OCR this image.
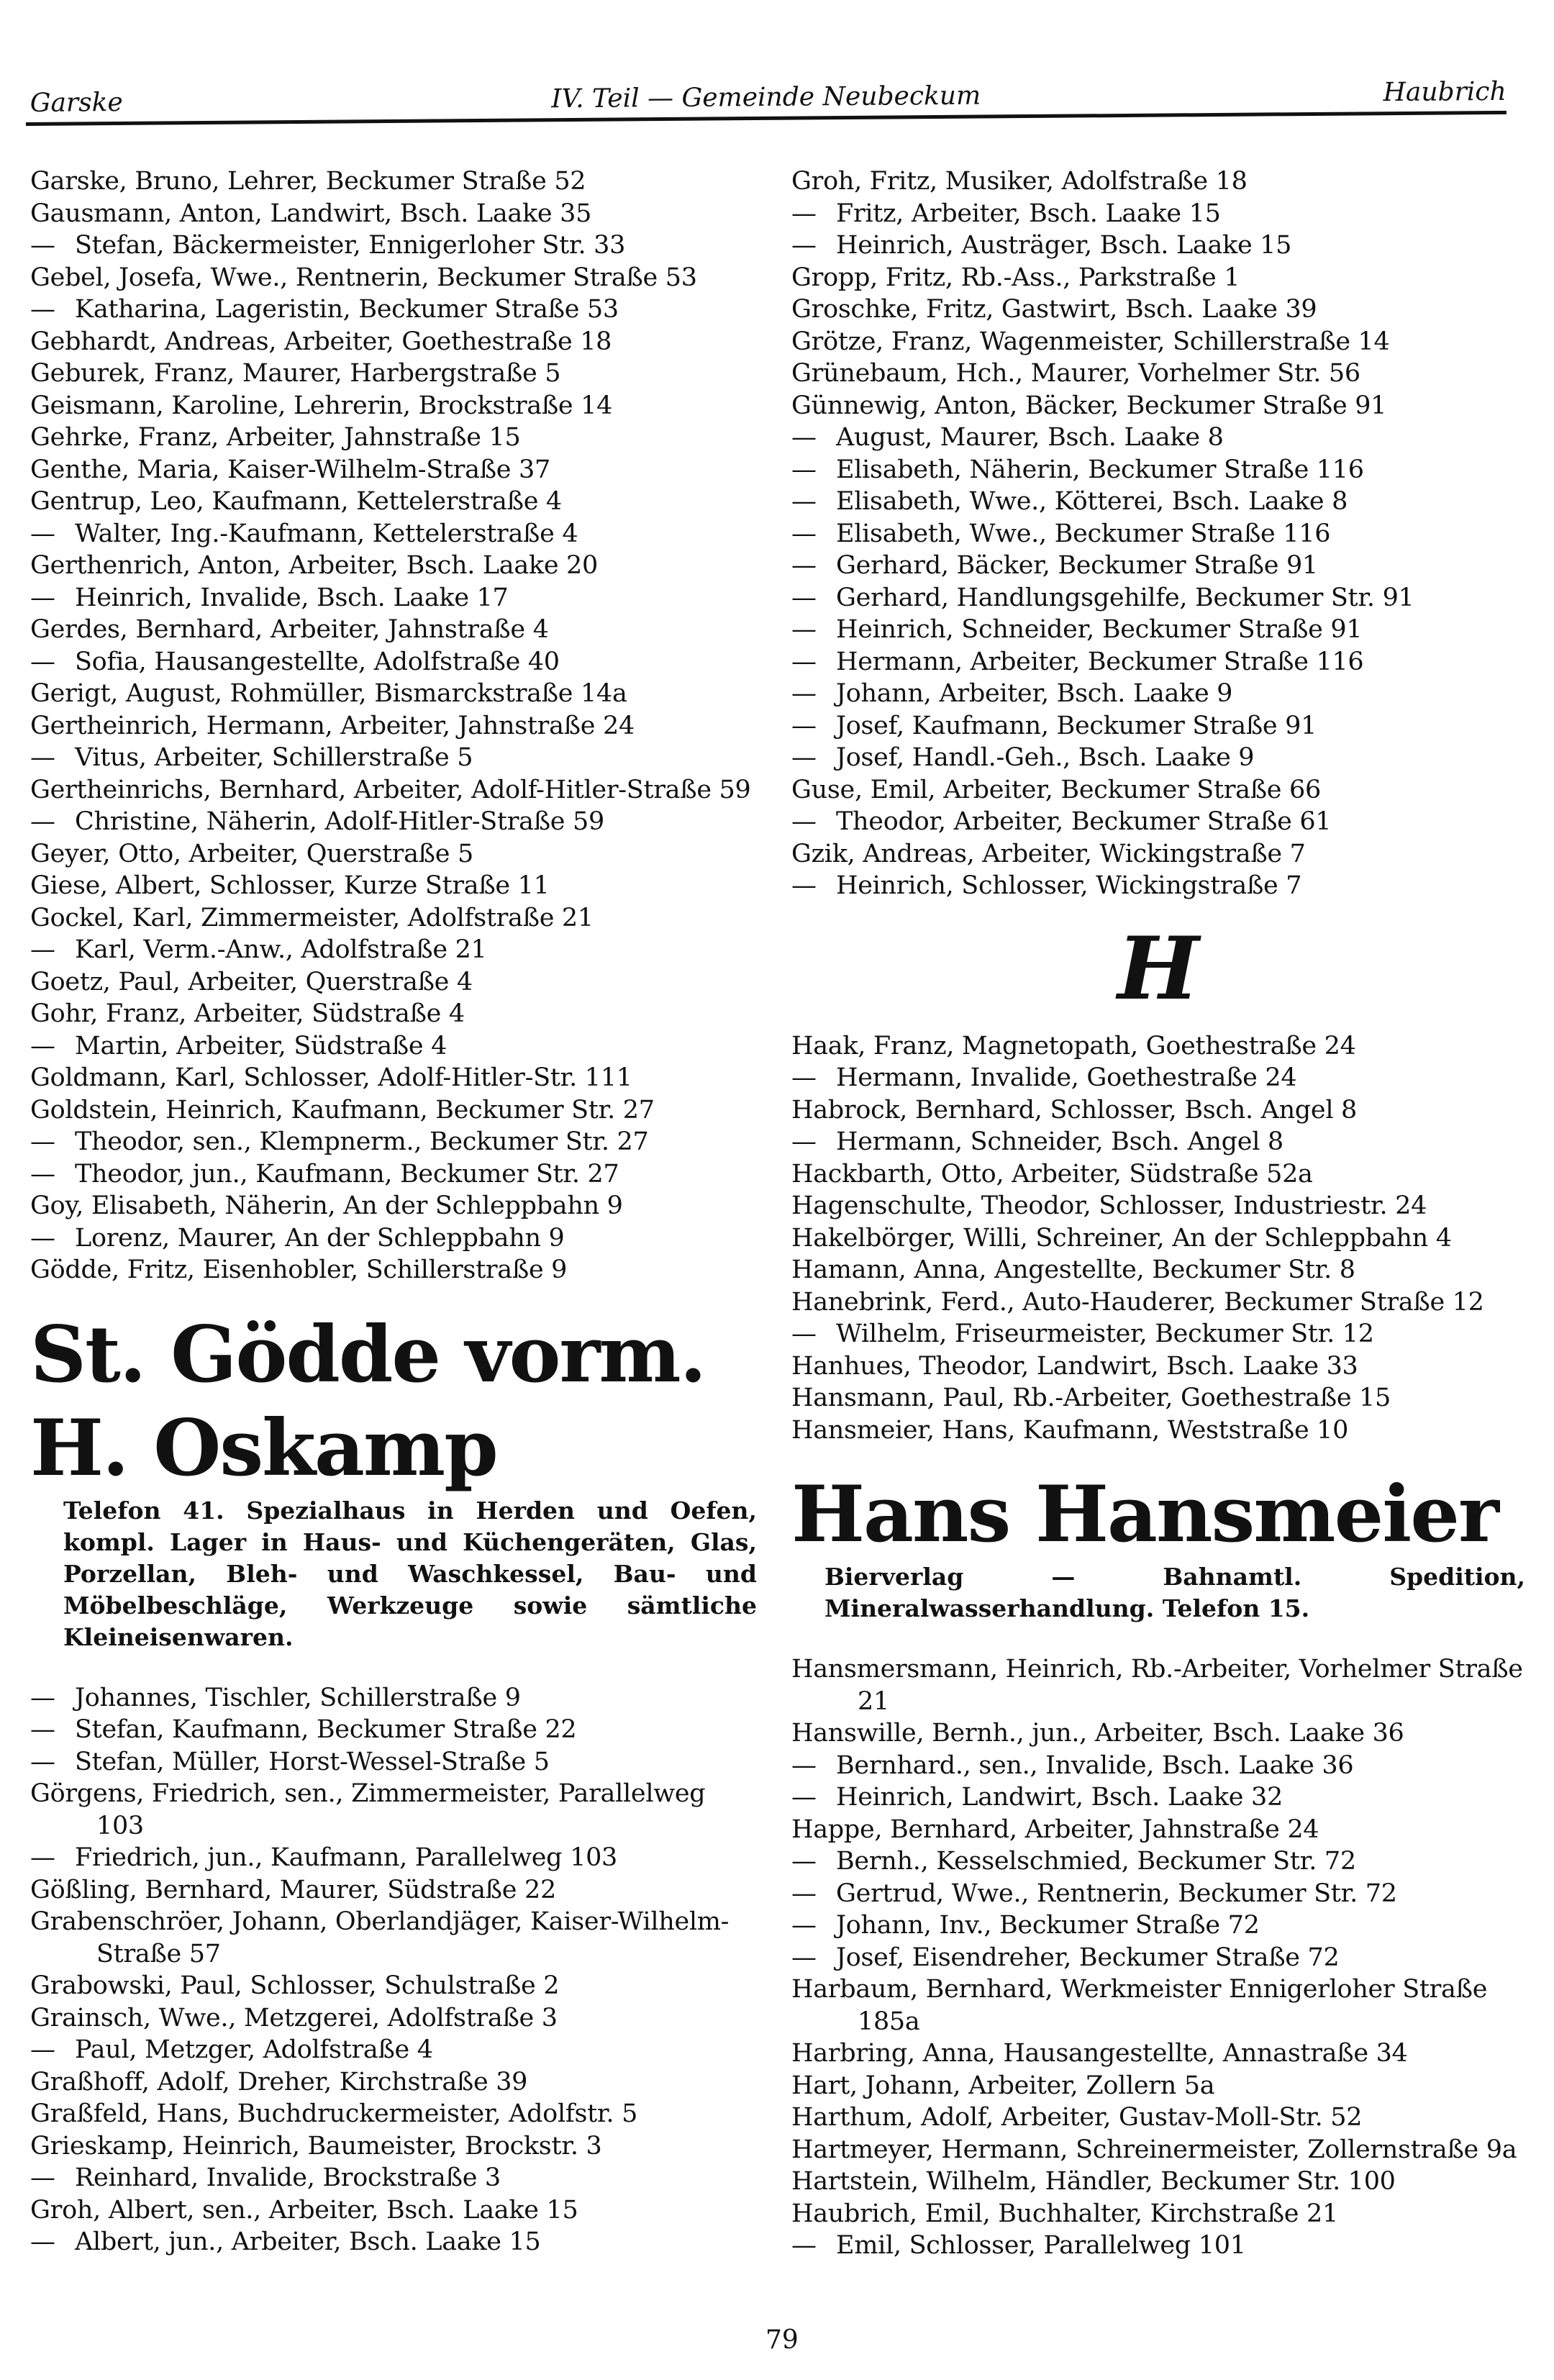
Garske	IV. Teil — Gemeinde Neubeckum	Haubrich
Garske, Bruno, Lehrer, Beckumer Straße 52
Gausmann, Anton, Landwirt, Bsch. Laake 35
— Stefan, Bäckermeister, Ennigerloher Str. 33
Gebel, Josefa, Wwe., Rentnerin, Beckumer Straße 53
— Katharina, Lageristin, Beckumer Straße 53
Gebhardt, Andreas, Arbeiter, Goethestraße 18
Geburek, Franz, Maurer, Harbergstraße 5
Geismann, Karoline, Lehrerin, Brockstraße 14
Gehrke, Franz, Arbeiter, Jahnstraße 15
Genthe, Maria, Kaiser-Wilhelm-Straße 37
Gentrup, Leo, Kaufmann, Kettelerstraße 4
— Walter, Ing.-Kaufmann, Kettelerstraße 4
Gerthenrich, Anton, Arbeiter, Bsch. Laake 20
— Heinrich, Invalide, Bsch. Laake 17
Gerdes, Bernhard, Arbeiter, Jahnstraße 4
— Sofia, Hausangestellte, Adolfstraße 40
Gerigt, August, Rohmüller, Bismarckstraße 14a
Gertheinrich, Hermann, Arbeiter, Jahnstraße 24
— Vitus, Arbeiter, Schillerstraße 5
Gertheinrichs, Bernhard, Arbeiter, Adolf-Hitler-Straße 59
— Christine, Näherin, Adolf-Hitler-Straße 59
Geyer, Otto, Arbeiter, Querstraße 5
Giese, Albert, Schlosser, Kurze Straße 11
Gockel, Karl, Zimmermeister, Adolfstraße 21
— Karl, Verm.-Anw., Adolfstraße 21
Goetz, Paul, Arbeiter, Querstraße 4
Gohr, Franz, Arbeiter, Südstraße 4
— Martin, Arbeiter, Südstraße 4
Goldmann, Karl, Schlosser, Adolf-Hitler-Str. 111
Goldstein, Heinrich, Kaufmann, Beckumer Str. 27
— Theodor, sen., Klempnerm., Beckumer Str. 27
— Theodor, jun., Kaufmann, Beckumer Str. 27
Goy, Elisabeth, Näherin, An der Schleppbahn 9
— Lorenz, Maurer, An der Schleppbahn 9
Gödde, Fritz, Eisenhobler, Schillerstraße 9
St. Gödde vorm. H. Oskamp
Telefon 41. Spezialhaus in Herden und Oefen, kompl. Lager in Haus- und Küchengeräten, Glas, Porzellan, Bleh- und Waschkessel, Bau- und Möbelbeschläge, Werkzeuge sowie sämtliche Kleineisenwaren.
— Johannes, Tischler, Schillerstraße 9
— Stefan, Kaufmann, Beckumer Straße 22
— Stefan, Müller, Horst-Wessel-Straße 5
Görgens, Friedrich, sen., Zimmermeister, Parallelweg 103
— Friedrich, jun., Kaufmann, Parallelweg 103
Gößling, Bernhard, Maurer, Südstraße 22
Grabenschröer, Johann, Oberlandjäger, Kaiser-Wilhelm-Straße 57
Grabowski, Paul, Schlosser, Schulstraße 2
Grainsch, Wwe., Metzgerei, Adolfstraße 3
— Paul, Metzger, Adolfstraße 4
Graßhoff, Adolf, Dreher, Kirchstraße 39
Graßfeld, Hans, Buchdruckermeister, Adolfstr. 5
Grieskamp, Heinrich, Baumeister, Brockstr. 3
— Reinhard, Invalide, Brockstraße 3
Groh, Albert, sen., Arbeiter, Bsch. Laake 15
— Albert, jun., Arbeiter, Bsch. Laake 15
Groh, Fritz, Musiker, Adolfstraße 18
— Fritz, Arbeiter, Bsch. Laake 15
— Heinrich, Austräger, Bsch. Laake 15
Gropp, Fritz, Rb.-Ass., Parkstraße 1
Groschke, Fritz, Gastwirt, Bsch. Laake 39
Grötze, Franz, Wagenmeister, Schillerstraße 14
Grünebaum, Hch., Maurer, Vorhelmer Str. 56
Günnewig, Anton, Bäcker, Beckumer Straße 91
— August, Maurer, Bsch. Laake 8
— Elisabeth, Näherin, Beckumer Straße 116
— Elisabeth, Wwe., Kötterei, Bsch. Laake 8
— Elisabeth, Wwe., Beckumer Straße 116
— Gerhard, Bäcker, Beckumer Straße 91
— Gerhard, Handlungsgehilfe, Beckumer Str. 91
— Heinrich, Schneider, Beckumer Straße 91
— Hermann, Arbeiter, Beckumer Straße 116
— Johann, Arbeiter, Bsch. Laake 9
— Josef, Kaufmann, Beckumer Straße 91
— Josef, Handl.-Geh., Bsch. Laake 9
Guse, Emil, Arbeiter, Beckumer Straße 66
— Theodor, Arbeiter, Beckumer Straße 61
Gzik, Andreas, Arbeiter, Wickingstraße 7
— Heinrich, Schlosser, Wickingstraße 7
H
Haak, Franz, Magnetopath, Goethestraße 24
— Hermann, Invalide, Goethestraße 24
Habrock, Bernhard, Schlosser, Bsch. Angel 8
— Hermann, Schneider, Bsch. Angel 8
Hackbarth, Otto, Arbeiter, Südstraße 52a
Hagenschulte, Theodor, Schlosser, Industriestr. 24
Hakelbörger, Willi, Schreiner, An der Schleppbahn 4
Hamann, Anna, Angestellte, Beckumer Str. 8
Hanebrink, Ferd., Auto-Hauderer, Beckumer Straße 12
— Wilhelm, Friseurmeister, Beckumer Str. 12
Hanhues, Theodor, Landwirt, Bsch. Laake 33
Hansmann, Paul, Rb.-Arbeiter, Goethestraße 15
Hansmeier, Hans, Kaufmann, Weststraße 10
Hans Hansmeier
Bierverlag — Bahnamtl. Spedition, Mineralwasserhandlung. Telefon 15.
Hansmersmann, Heinrich, Rb.-Arbeiter, Vorhelmer Straße 21
Hanswille, Bernh., jun., Arbeiter, Bsch. Laake 36
— Bernhard., sen., Invalide, Bsch. Laake 36
— Heinrich, Landwirt, Bsch. Laake 32
Happe, Bernhard, Arbeiter, Jahnstraße 24
— Bernh., Kesselschmied, Beckumer Str. 72
— Gertrud, Wwe., Rentnerin, Beckumer Str. 72
— Johann, Inv., Beckumer Straße 72
— Josef, Eisendreher, Beckumer Straße 72
Harbaum, Bernhard, Werkmeister Ennigerloher Straße 185a
Harbring, Anna, Hausangestellte, Annastraße 34
Hart, Johann, Arbeiter, Zollern 5a
Harthum, Adolf, Arbeiter, Gustav-Moll-Str. 52
Hartmeyer, Hermann, Schreinermeister, Zollernstraße 9a
Hartstein, Wilhelm, Händler, Beckumer Str. 100
Haubrich, Emil, Buchhalter, Kirchstraße 21
— Emil, Schlosser, Parallelweg 101
79
